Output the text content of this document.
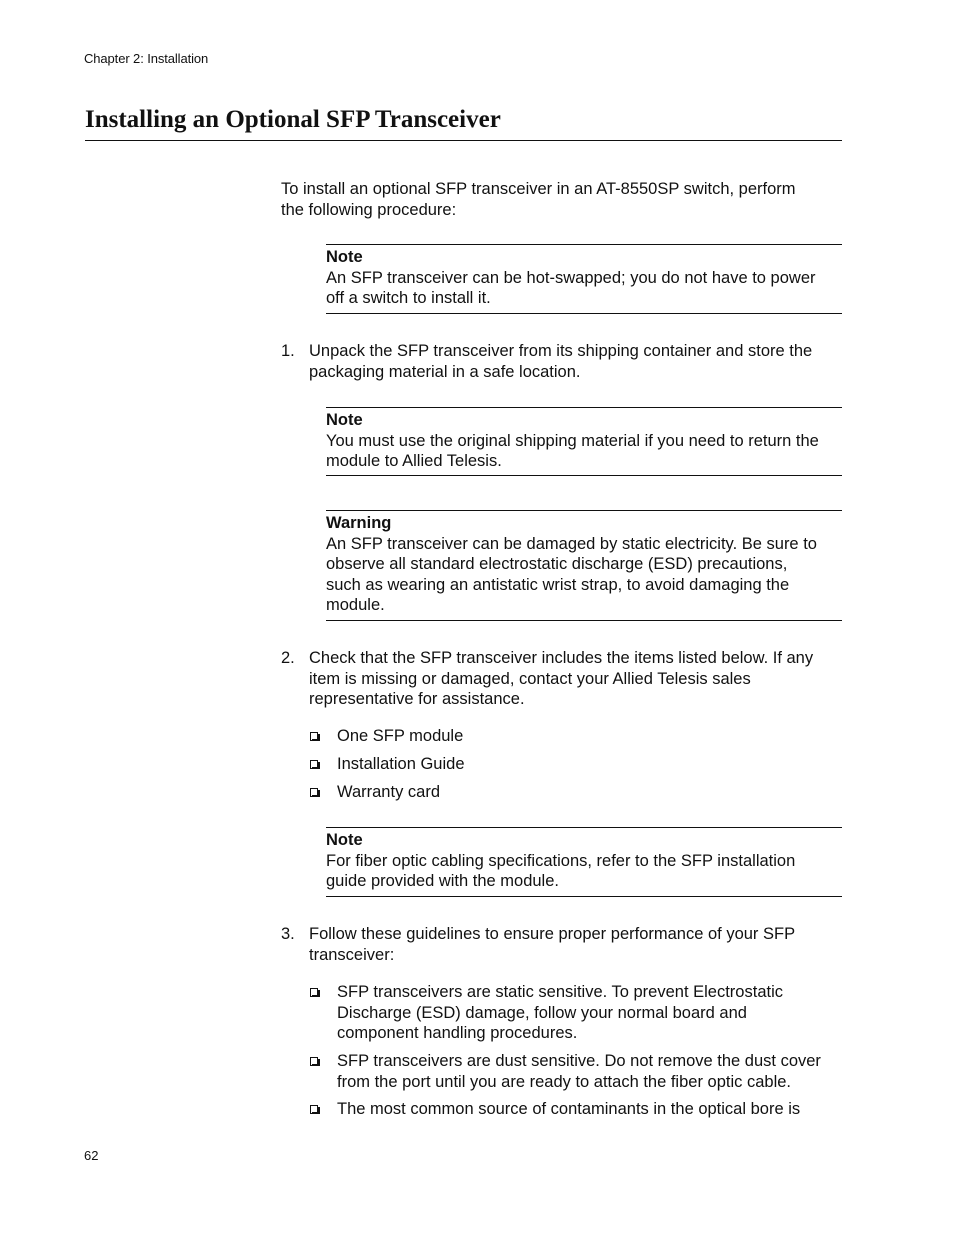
Chapter 2: Installation
Installing an Optional SFP Transceiver
To install an optional SFP transceiver in an AT-8550SP switch, perform
the following procedure:
Note
An SFP transceiver can be hot-swapped; you do not have to power
off a switch to install it.
1. Unpack the SFP transceiver from its shipping container and store the
packaging material in a safe location.
Note
You must use the original shipping material if you need to return the
module to Allied Telesis.
Warning
An SFP transceiver can be damaged by static electricity. Be sure to
observe all standard electrostatic discharge (ESD) precautions,
such as wearing an antistatic wrist strap, to avoid damaging the
module.
2. Check that the SFP transceiver includes the items listed below. If any
item is missing or damaged, contact your Allied Telesis sales
representative for assistance.
One SFP module
Installation Guide
Warranty card
Note
For fiber optic cabling specifications, refer to the SFP installation
guide provided with the module.
3. Follow these guidelines to ensure proper performance of your SFP
transceiver:
SFP transceivers are static sensitive. To prevent Electrostatic
Discharge (ESD) damage, follow your normal board and
component handling procedures.
SFP transceivers are dust sensitive. Do not remove the dust cover
from the port until you are ready to attach the fiber optic cable.
The most common source of contaminants in the optical bore is
62
